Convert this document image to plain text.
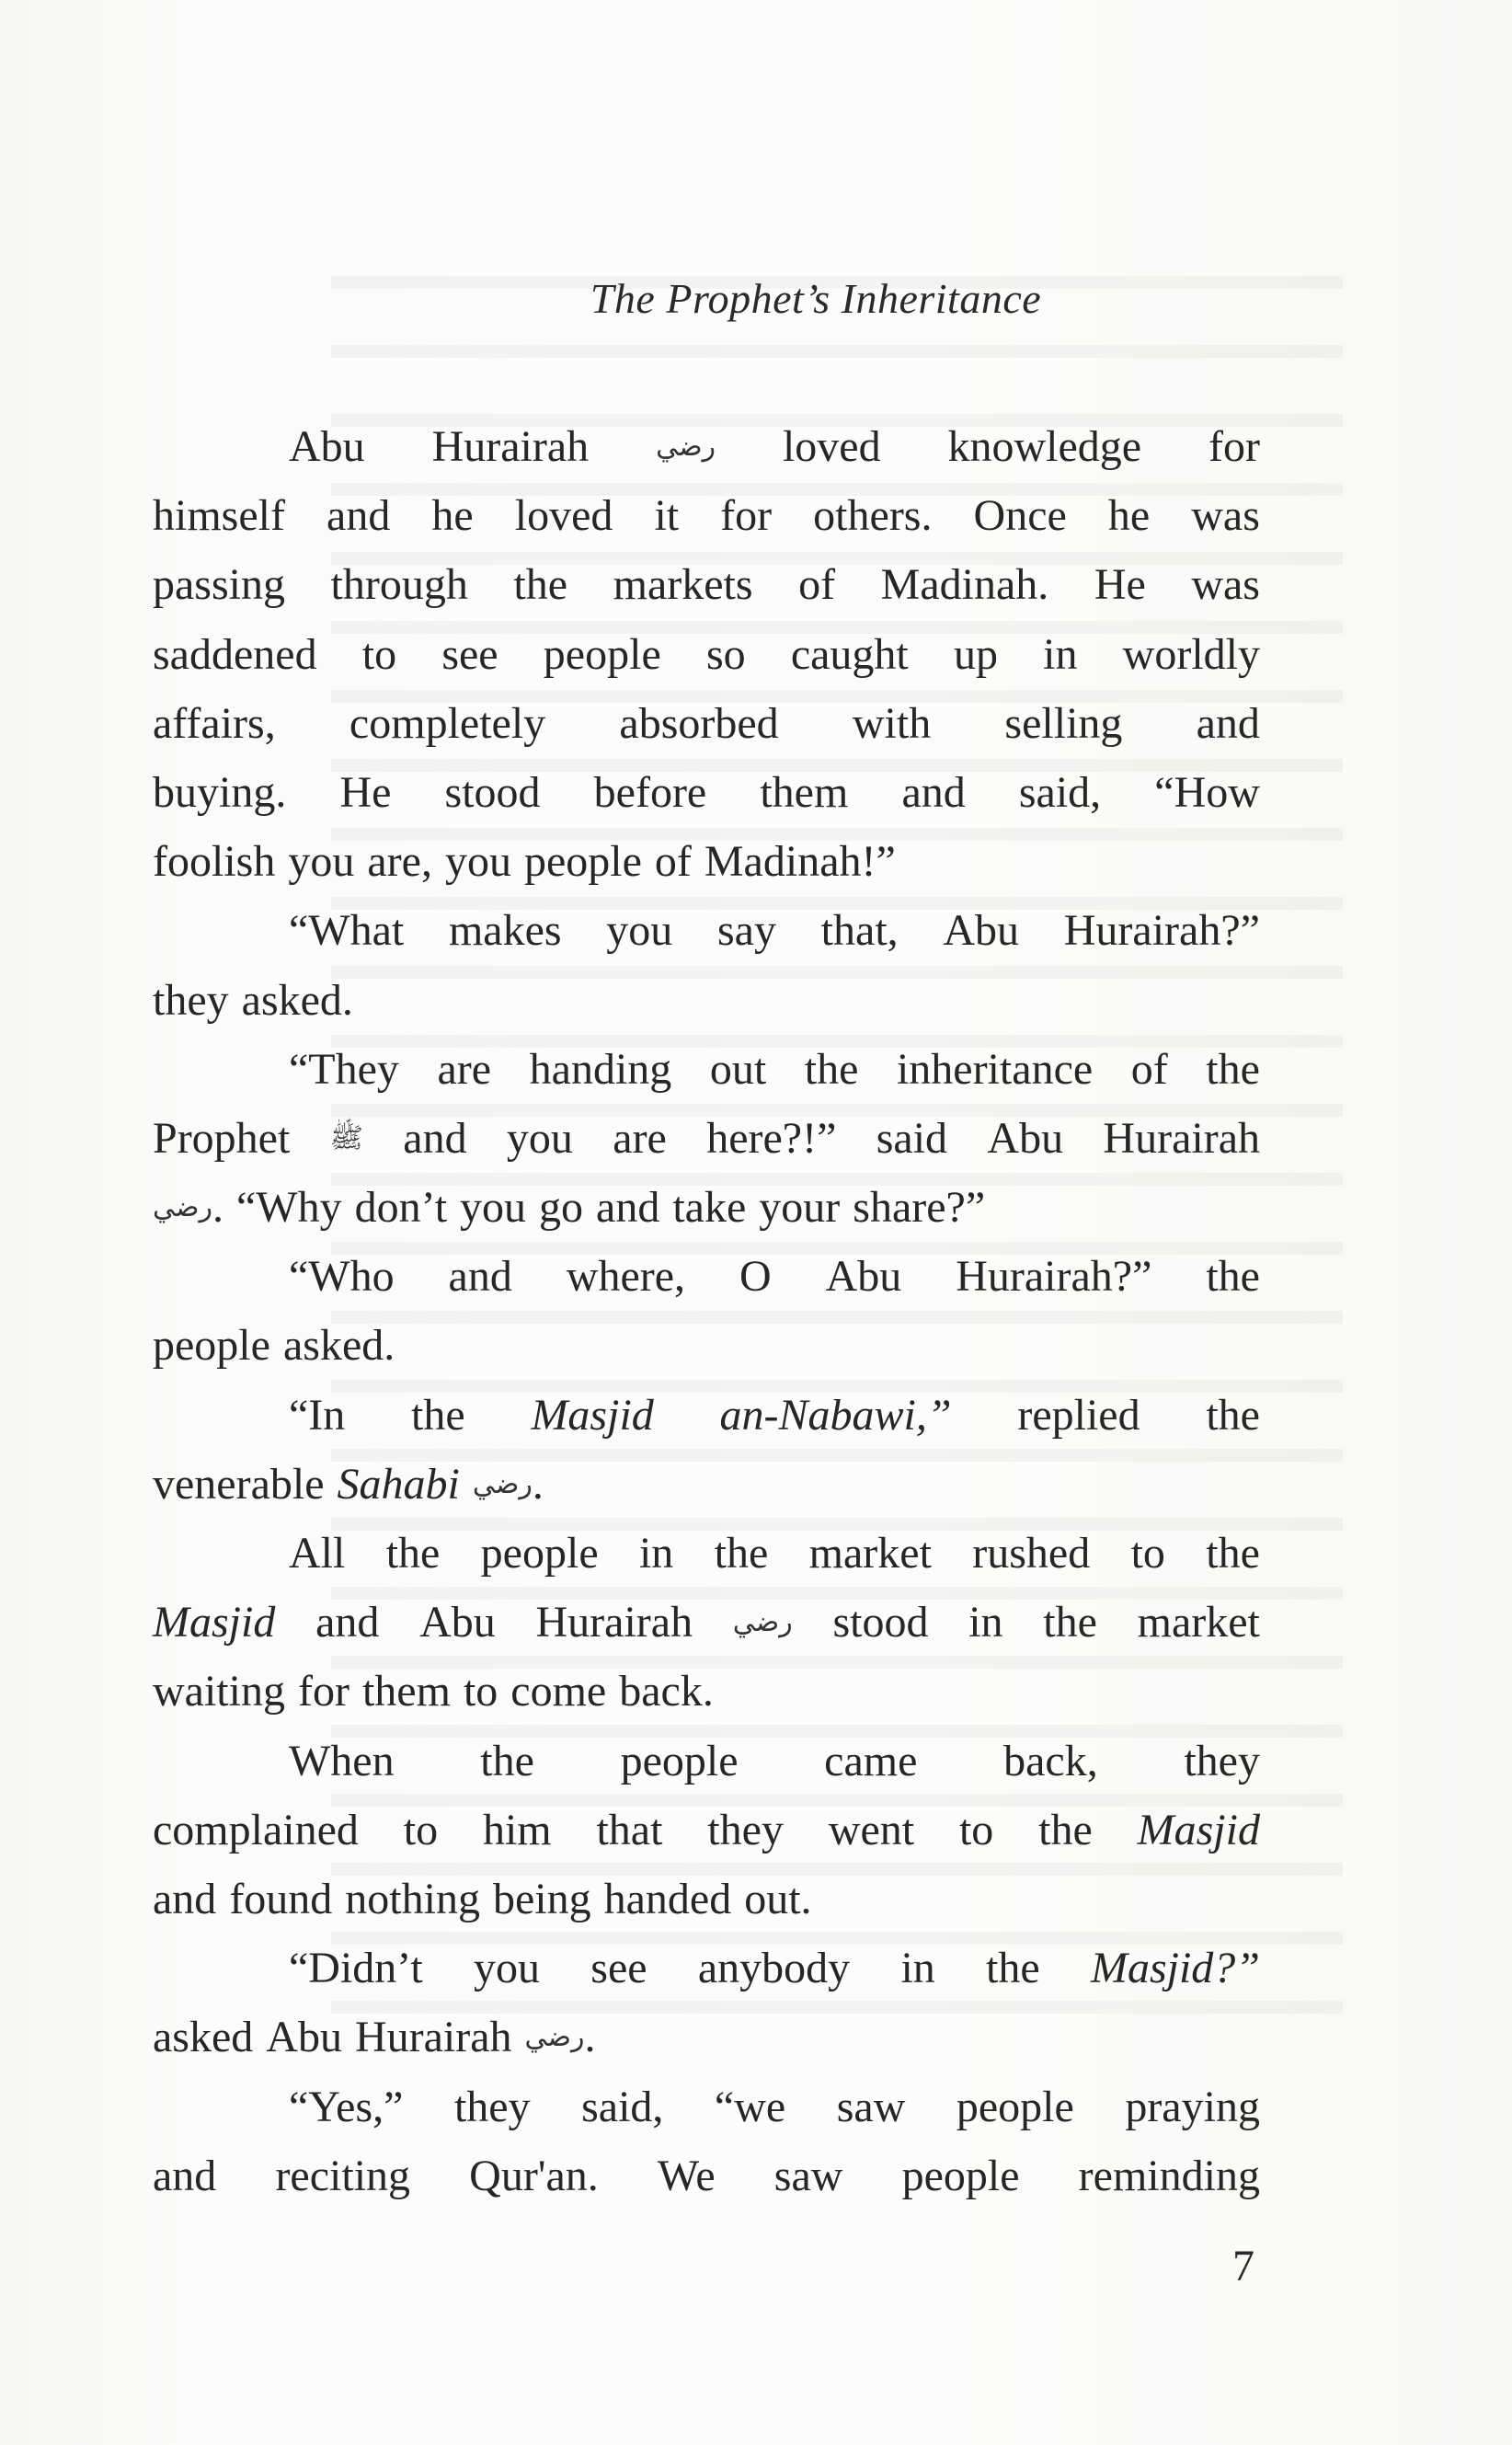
The Prophet’s Inheritance
Abu Hurairah رضي loved knowledge for
himself and he loved it for others. Once he was
passing through the markets of Madinah. He was
saddened to see people so caught up in worldly
affairs, completely absorbed with selling and
buying. He stood before them and said, “How
foolish you are, you people of Madinah!”
“What makes you say that, Abu Hurairah?”
they asked.
“They are handing out the inheritance of the
Prophet ﷺ and you are here?!” said Abu Hurairah
رضي. “Why don’t you go and take your share?”
“Who and where, O Abu Hurairah?” the
people asked.
“In the Masjid an-Nabawi,” replied the
venerable Sahabi رضي.
All the people in the market rushed to the
Masjid and Abu Hurairah رضي stood in the market
waiting for them to come back.
When the people came back, they
complained to him that they went to the Masjid
and found nothing being handed out.
“Didn’t you see anybody in the Masjid?”
asked Abu Hurairah رضي.
“Yes,” they said, “we saw people praying
and reciting Qur'an. We saw people reminding
7
